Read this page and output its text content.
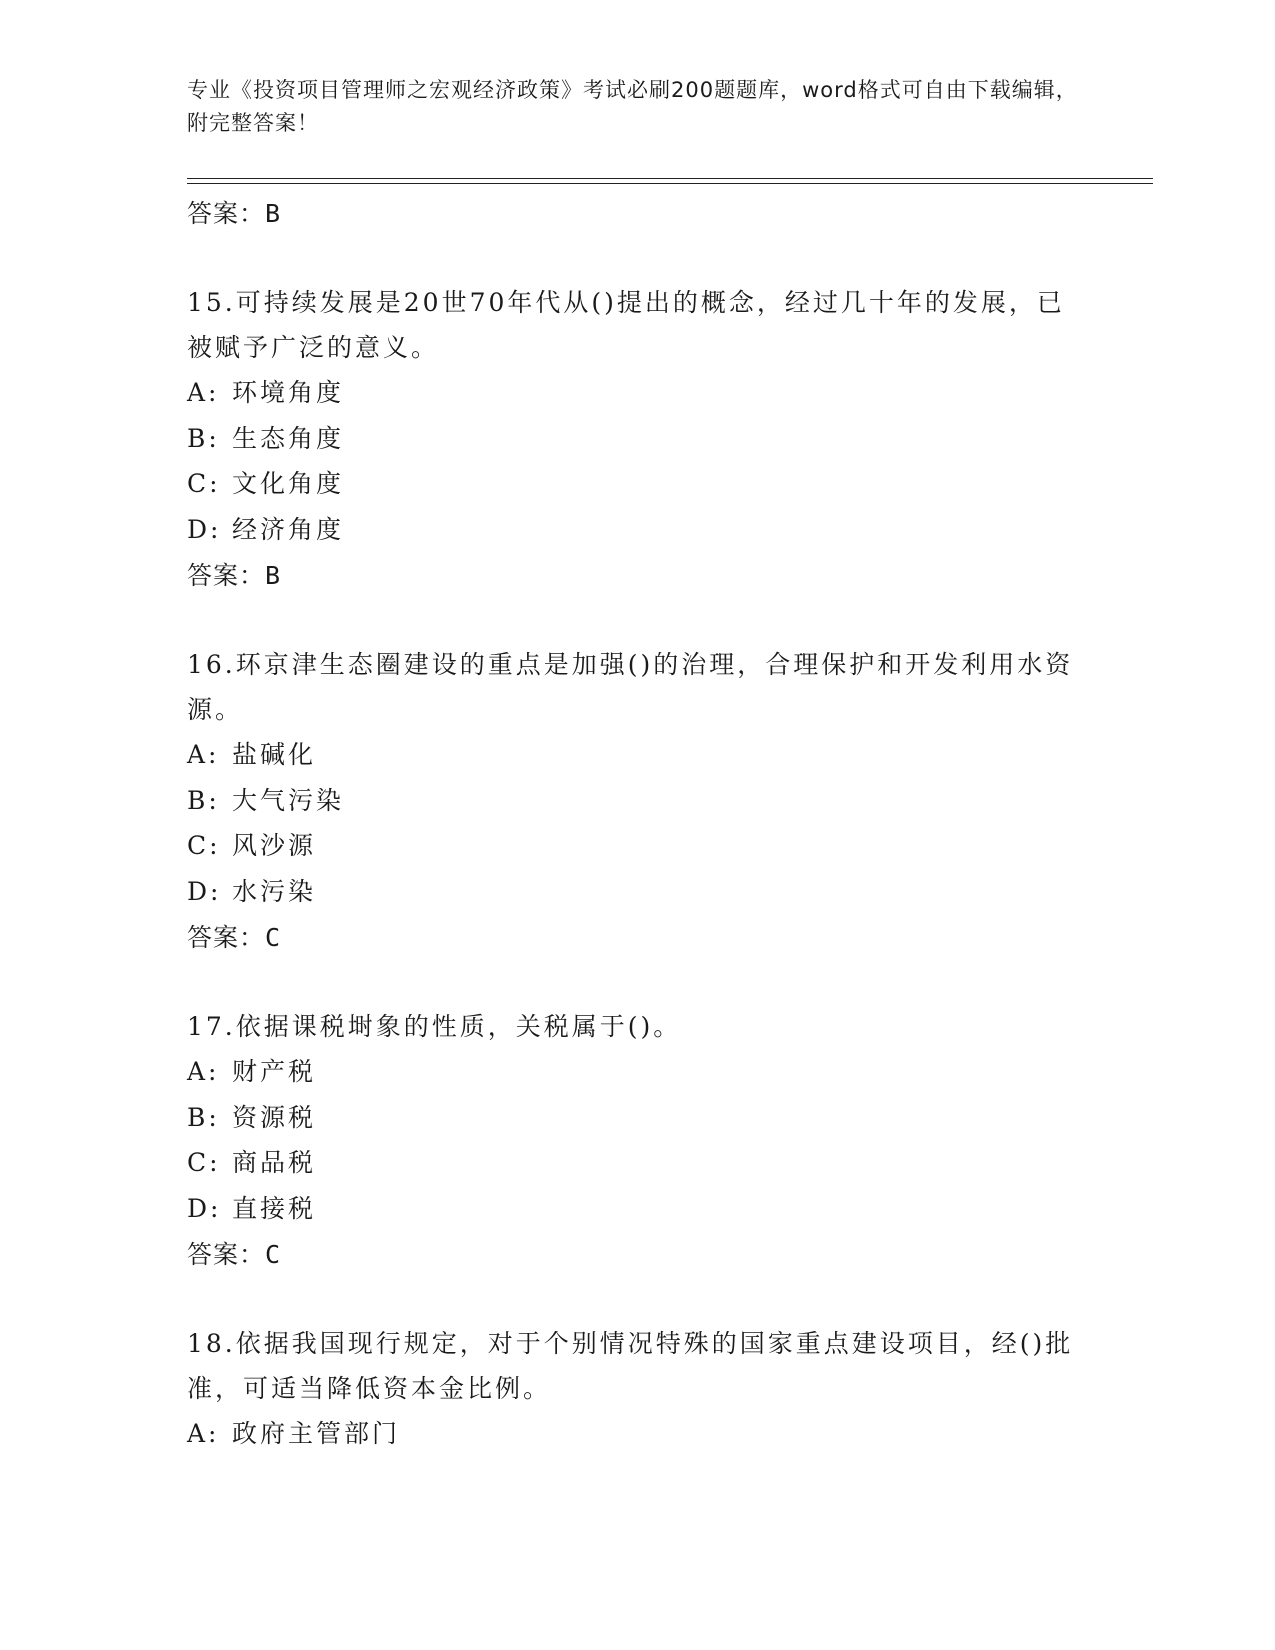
专业《投资项目管理师之宏观经济政策》考试必刷200题题库，word格式可自由下载编辑，附完整答案！
答案：B
15.可持续发展是20世70年代从()提出的概念，经过几十年的发展，已被赋予广泛的意义。
A: 环境角度
B: 生态角度
C: 文化角度
D: 经济角度
答案：B
16.环京津生态圈建设的重点是加强()的治理，合理保护和开发利用水资源。
A: 盐碱化
B: 大气污染
C: 风沙源
D: 水污染
答案：C
17.依据课税埘象的性质，关税属于()。
A: 财产税
B: 资源税
C: 商品税
D: 直接税
答案：C
18.依据我国现行规定，对于个别情况特殊的国家重点建设项目，经()批准，可适当降低资本金比例。
A: 政府主管部门
